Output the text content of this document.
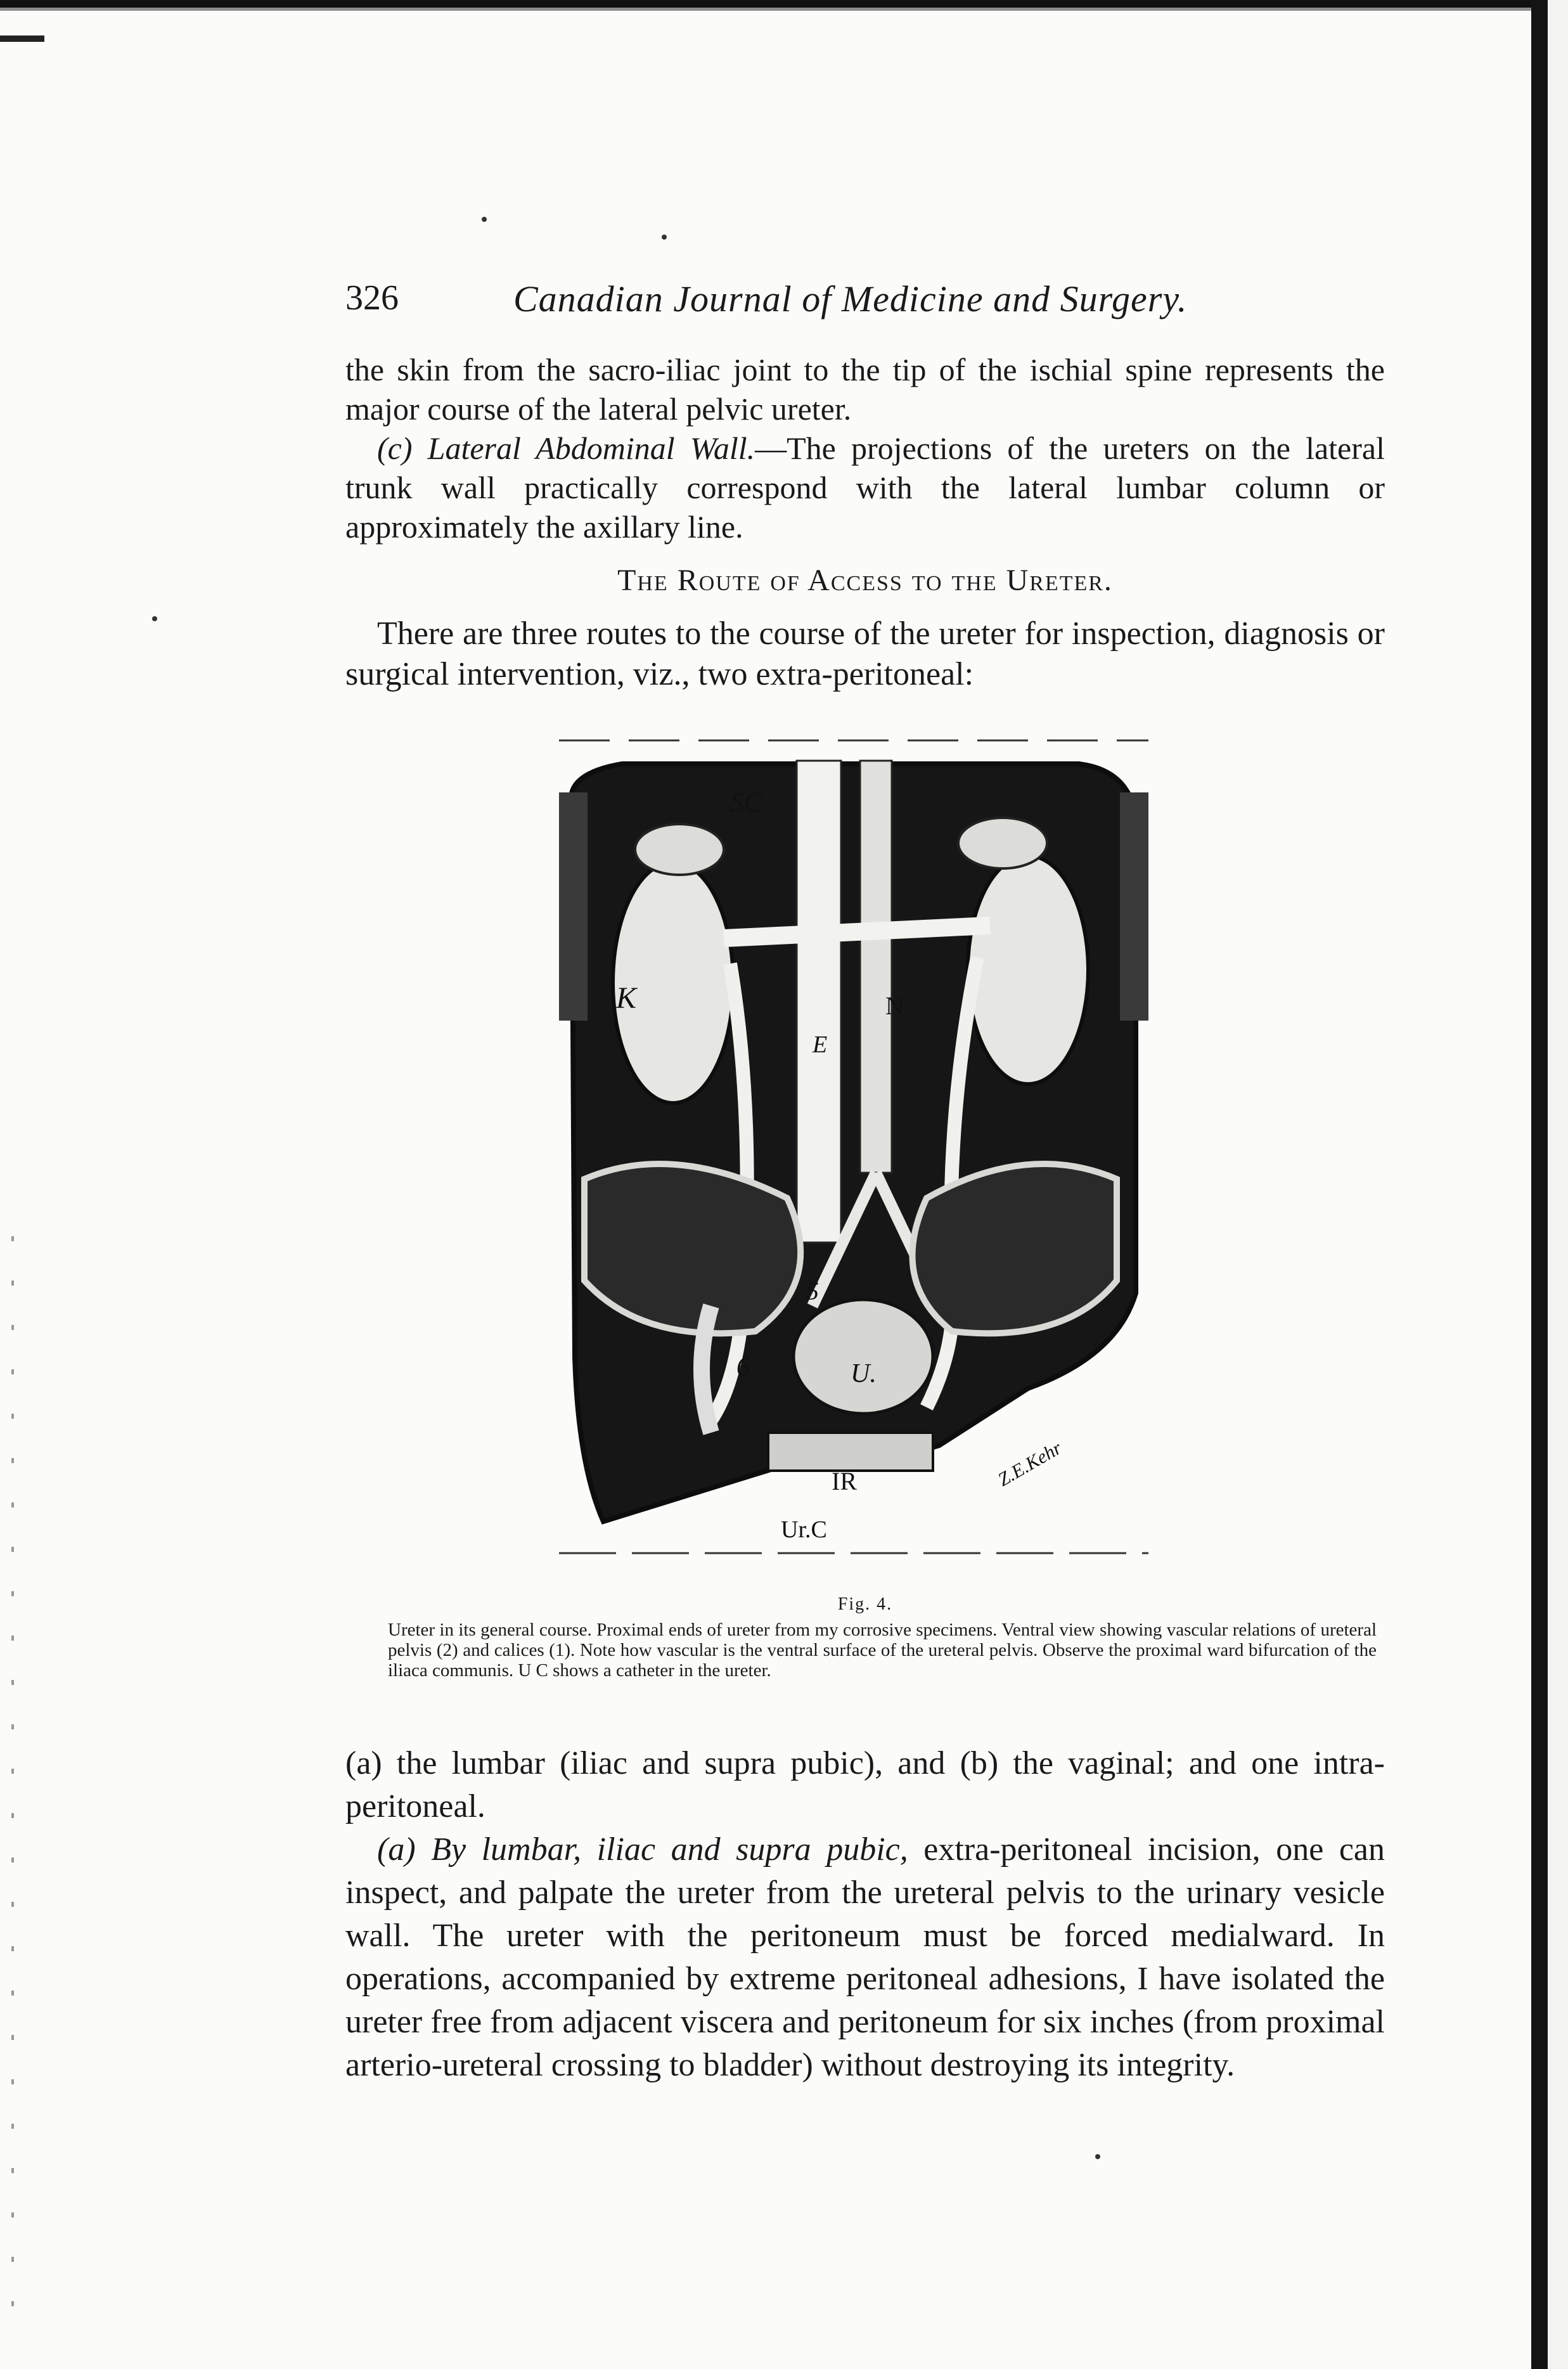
326	Canadian Journal of Medicine and Surgery.

the skin from the sacro-iliac joint to the tip of the ischial spine represents the major course of the lateral pelvic ureter.

(c) Lateral Abdominal Wall.—The projections of the ureters on the lateral trunk wall practically correspond with the lateral lumbar column or approximately the axillary line.

The Route of Access to the Ureter.

There are three routes to the course of the ureter for inspection, diagnosis or surgical intervention, viz., two extra-peritoneal:

SC
K
E
N
5
6	U.
IR
Ur.C
Z.E.Kehr
Fig. 4.
Ureter in its general course. Proximal ends of ureter from my corrosive specimens. Ventral view showing vascular relations of ureteral pelvis (2) and calices (1). Note how vascular is the ventral surface of the ureteral pelvis. Observe the proximal ward bifurcation of the iliaca communis. U C shows a catheter in the ureter.

(a) the lumbar (iliac and supra pubic), and (b) the vaginal; and one intra-peritoneal.

(a) By lumbar, iliac and supra pubic, extra-peritoneal incision, one can inspect, and palpate the ureter from the ureteral pelvis to the urinary vesicle wall. The ureter with the peritoneum must be forced medialward. In operations, accompanied by extreme peritoneal adhesions, I have isolated the ureter free from adjacent viscera and peritoneum for six inches (from proximal arterio-ureteral crossing to bladder) without destroying its integrity.
